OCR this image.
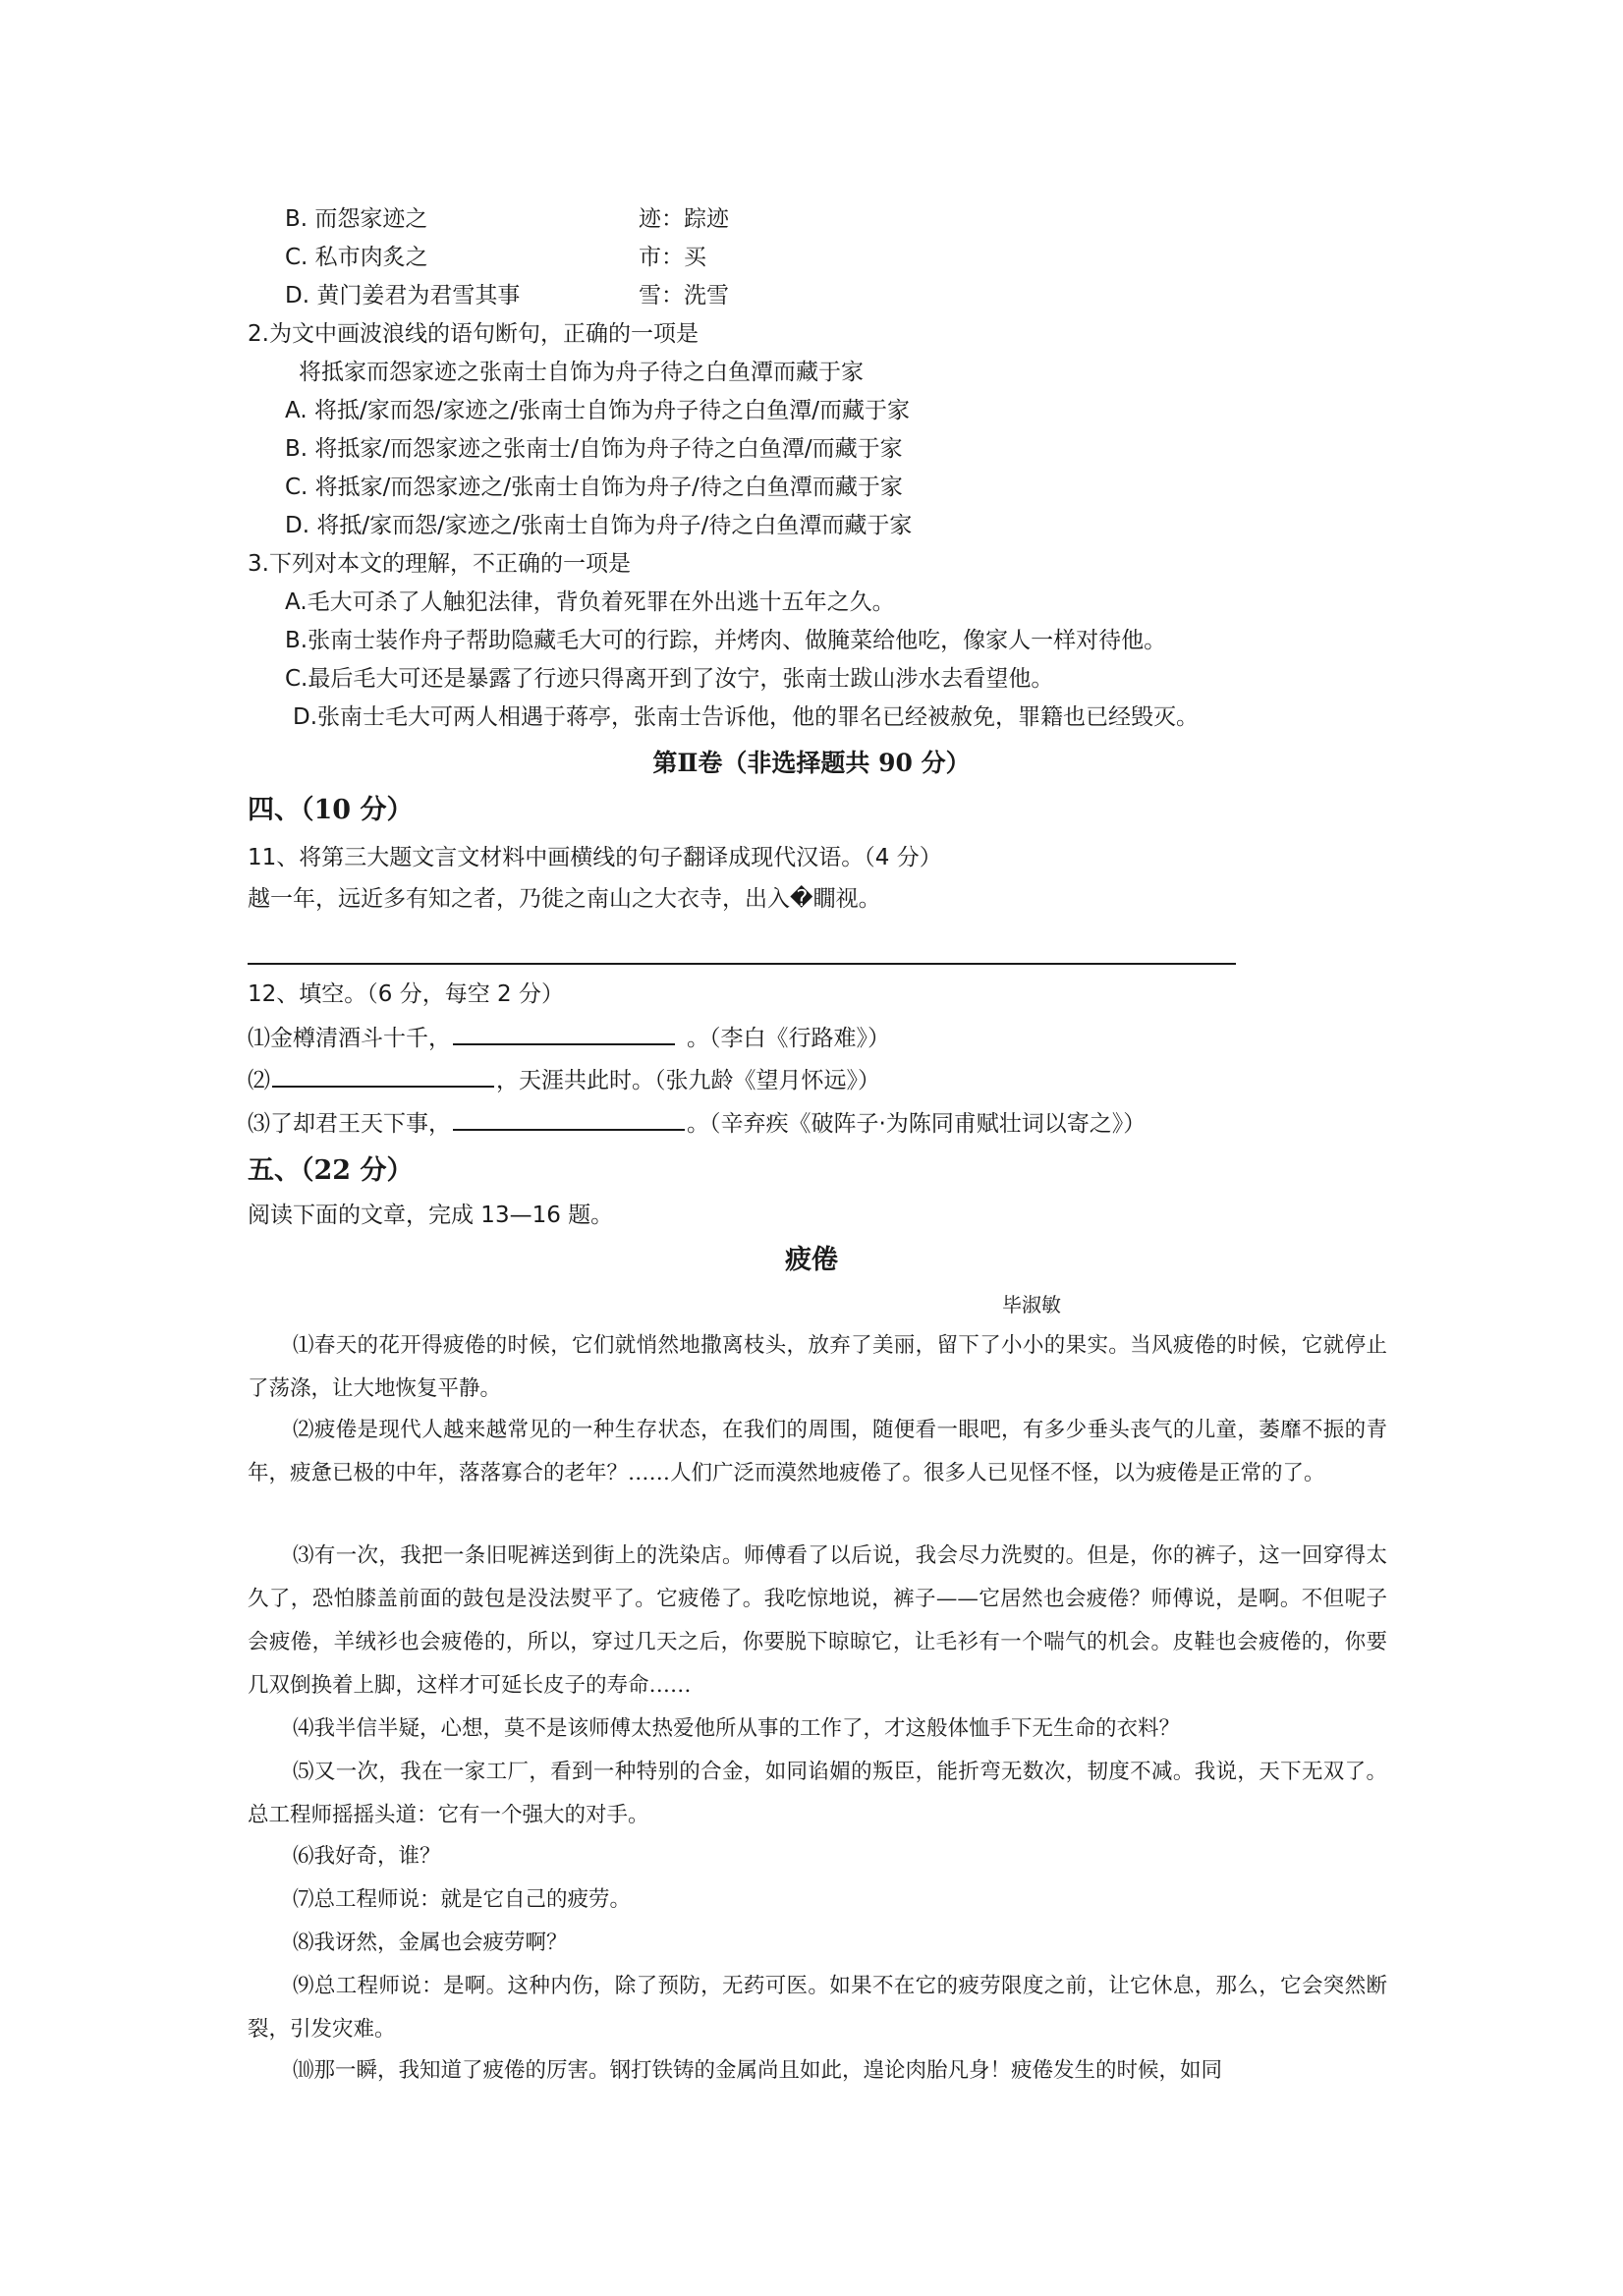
B. 而怨家迹之	迹：踪迹
C. 私市肉炙之	市：买
D. 黄门姜君为君雪其事	雪：洗雪
2.为文中画波浪线的语句断句，正确的一项是
将抵家而怨家迹之张南士自饰为舟子待之白鱼潭而藏于家
A. 将抵/家而怨/家迹之/张南士自饰为舟子待之白鱼潭/而藏于家
B. 将抵家/而怨家迹之张南士/自饰为舟子待之白鱼潭/而藏于家
C. 将抵家/而怨家迹之/张南士自饰为舟子/待之白鱼潭而藏于家
D. 将抵/家而怨/家迹之/张南士自饰为舟子/待之白鱼潭而藏于家
3.下列对本文的理解，不正确的一项是
A.毛大可杀了人触犯法律，背负着死罪在外出逃十五年之久。
B.张南士装作舟子帮助隐藏毛大可的行踪，并烤肉、做腌菜给他吃，像家人一样对待他。
C.最后毛大可还是暴露了行迹只得离开到了汝宁，张南士跋山涉水去看望他。
D.张南士毛大可两人相遇于蒋亭，张南士告诉他，他的罪名已经被赦免，罪籍也已经毁灭。
第Ⅱ卷（非选择题共 90 分）
四、（10 分）
11、将第三大题文言文材料中画横线的句子翻译成现代汉语。（4 分）
越一年，远近多有知之者，乃徙之南山之大衣寺，出入�瞯视。
12、填空。（6 分，每空 2 分）
⑴金樽清酒斗十千，	。（李白《行路难》）
⑵	，天涯共此时。（张九龄《望月怀远》）
⑶了却君王天下事，	。（辛弃疾《破阵子·为陈同甫赋壮词以寄之》）
五、（22 分）
阅读下面的文章，完成 13—16 题。
疲倦
毕淑敏
⑴春天的花开得疲倦的时候，它们就悄然地撒离枝头，放弃了美丽，留下了小小的果实。当风疲倦的时候，它就停止了荡涤，让大地恢复平静。
⑵疲倦是现代人越来越常见的一种生存状态，在我们的周围，随便看一眼吧，有多少垂头丧气的儿童，萎靡不振的青年，疲惫已极的中年，落落寡合的老年？……人们广泛而漠然地疲倦了。很多人已见怪不怪，以为疲倦是正常的了。
⑶有一次，我把一条旧呢裤送到街上的洗染店。师傅看了以后说，我会尽力洗熨的。但是，你的裤子，这一回穿得太久了，恐怕膝盖前面的鼓包是没法熨平了。它疲倦了。我吃惊地说，裤子——它居然也会疲倦？师傅说，是啊。不但呢子会疲倦，羊绒衫也会疲倦的，所以，穿过几天之后，你要脱下晾晾它，让毛衫有一个喘气的机会。皮鞋也会疲倦的，你要几双倒换着上脚，这样才可延长皮子的寿命……
⑷我半信半疑，心想，莫不是该师傅太热爱他所从事的工作了，才这般体恤手下无生命的衣料？
⑸又一次，我在一家工厂，看到一种特别的合金，如同谄媚的叛臣，能折弯无数次，韧度不减。我说，天下无双了。总工程师摇摇头道：它有一个强大的对手。
⑹我好奇，谁？
⑺总工程师说：就是它自己的疲劳。
⑻我讶然，金属也会疲劳啊？
⑼总工程师说：是啊。这种内伤，除了预防，无药可医。如果不在它的疲劳限度之前，让它休息，那么，它会突然断裂，引发灾难。
⑽那一瞬，我知道了疲倦的厉害。钢打铁铸的金属尚且如此，遑论肉胎凡身！疲倦发生的时候，如同
